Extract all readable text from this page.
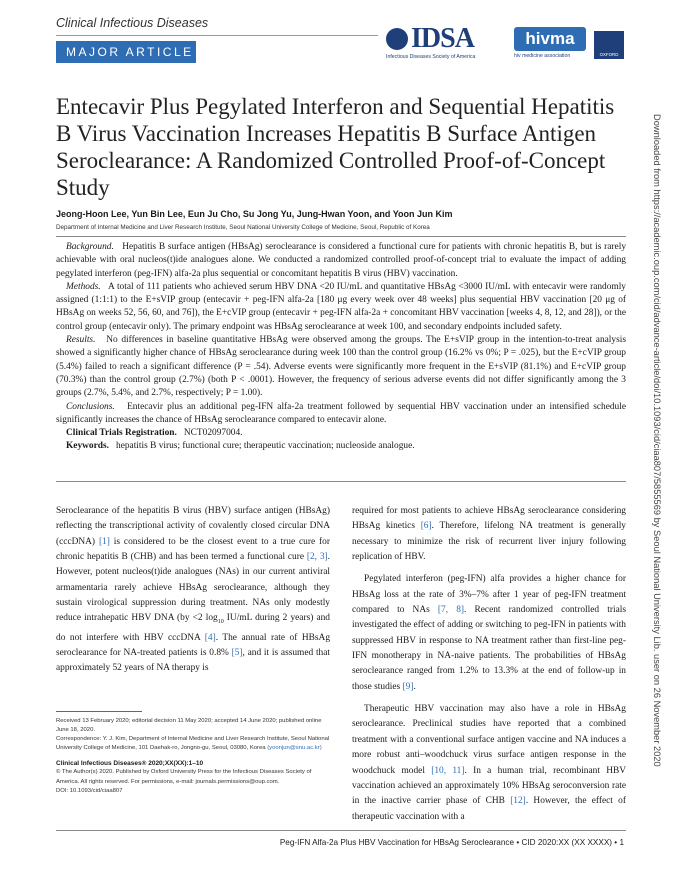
Clinical Infectious Diseases
MAJOR ARTICLE	IDSA
Infectious Diseases Society of America
hivma
hiv medicine association	OXFORD
Entecavir Plus Pegylated Interferon and Sequential Hepatitis B Virus Vaccination Increases Hepatitis B Surface Antigen Seroclearance: A Randomized Controlled Proof-of-Concept Study
Jeong-Hoon Lee, Yun Bin Lee, Eun Ju Cho, Su Jong Yu, Jung-Hwan Yoon, and Yoon Jun Kim
Department of Internal Medicine and Liver Research Institute, Seoul National University College of Medicine, Seoul, Republic of Korea

Background. Hepatitis B surface antigen (HBsAg) seroclearance is considered a functional cure for patients with chronic hepatitis B, but is rarely achievable with oral nucleos(t)ide analogues alone. We conducted a randomized controlled proof-of-concept trial to evaluate the impact of adding pegylated interferon (peg-IFN) alfa-2a plus sequential or concomitant hepatitis B virus (HBV) vaccination.

Methods. A total of 111 patients who achieved serum HBV DNA <20 IU/mL and quantitative HBsAg <3000 IU/mL with entecavir were randomly assigned (1:1:1) to the E+sVIP group (entecavir + peg-IFN alfa-2a [180 μg every week over 48 weeks] plus sequential HBV vaccination [20 μg of HBsAg on weeks 52, 56, 60, and 76]), the E+cVIP group (entecavir + peg-IFN alfa-2a + concomitant HBV vaccination [weeks 4, 8, 12, and 28]), or the control group (entecavir only). The primary endpoint was HBsAg seroclearance at week 100, and secondary endpoints included safety.

Results. No differences in baseline quantitative HBsAg were observed among the groups. The E+sVIP group in the intention-to-treat analysis showed a significantly higher chance of HBsAg seroclearance during week 100 than the control group (16.2% vs 0%; P = .025), but the E+cVIP group (5.4%) failed to reach a significant difference (P = .54). Adverse events were significantly more frequent in the E+sVIP (81.1%) and E+cVIP group (70.3%) than the control group (2.7%) (both P < .0001). However, the frequency of serious adverse events did not differ significantly among the 3 groups (2.7%, 5.4%, and 2.7%, respectively; P = 1.00).

Conclusions. Entecavir plus an additional peg-IFN alfa-2a treatment followed by sequential HBV vaccination under an intensified schedule significantly increases the chance of HBsAg seroclearance compared to entecavir alone.

Clinical Trials Registration. NCT02097004.

Keywords. hepatitis B virus; functional cure; therapeutic vaccination; nucleoside analogue.

Seroclearance of the hepatitis B virus (HBV) surface antigen (HBsAg) reflecting the transcriptional activity of covalently closed circular DNA (cccDNA) [1] is considered to be the closest event to a true cure for chronic hepatitis B (CHB) and has been termed a functional cure [2, 3]. However, potent nucleos(t)ide analogues (NAs) in our current antiviral armamentaria rarely achieve HBsAg seroclearance, although they sustain virological suppression during treatment. NAs only modestly reduce intrahepatic HBV DNA (by <2 $\log_{10} IU/mL$ during 2 years) and do not interfere with HBV cccDNA [4]. The annual rate of HBsAg seroclearance for NA-treated patients is 0.8% [5], and it is assumed that approximately 52 years of NA therapy is

required for most patients to achieve HBsAg seroclearance considering HBsAg kinetics [6]. Therefore, lifelong NA treatment is generally necessary to minimize the risk of recurrent liver injury following replication of HBV.

Pegylated interferon (peg-IFN) alfa provides a higher chance for HBsAg loss at the rate of 3%–7% after 1 year of peg-IFN treatment compared to NAs [7, 8]. Recent randomized controlled trials investigated the effect of adding or switching to peg-IFN in patients with suppressed HBV in response to NA treatment rather than first-line peg-IFN monotherapy in NA-naive patients. The probabilities of HBsAg seroclearance ranged from 1.2% to 13.3% at the end of follow-up in those studies [9].

Therapeutic HBV vaccination may also have a role in HBsAg seroclearance. Preclinical studies have reported that a combined treatment with a conventional surface antigen vaccine and NA induces a more robust anti–woodchuck virus surface antigen response in the woodchuck model [10, 11]. In a human trial, recombinant HBV vaccination achieved an approximately 10% HBsAg seroconversion rate in the inactive carrier phase of CHB [12]. However, the effect of therapeutic vaccination with a

Received 13 February 2020; editorial decision 11 May 2020; accepted 14 June 2020; published online June 18, 2020.

Correspondence: Y. J. Kim, Department of Internal Medicine and Liver Research Institute, Seoul National University College of Medicine, 101 Daehak-ro, Jongno-gu, Seoul, 03080, Korea (yoonjun@snu.ac.kr)

Clinical Infectious Diseases® 2020;XX(XX):1–10

© The Author(s) 2020. Published by Oxford University Press for the Infectious Diseases Society of America. All rights reserved. For permissions, e-mail: journals.permissions@oup.com.

DOI: 10.1093/cid/ciaa807

Peg-IFN Alfa-2a Plus HBV Vaccination for HBsAg Seroclearance • CID 2020:XX (XX XXXX) • 1
Downloaded from https://academic.oup.com/cid/advance-article/doi/10.1093/cid/ciaa807/5855569 by Seoul National University Lib. user on 26 November 2020
